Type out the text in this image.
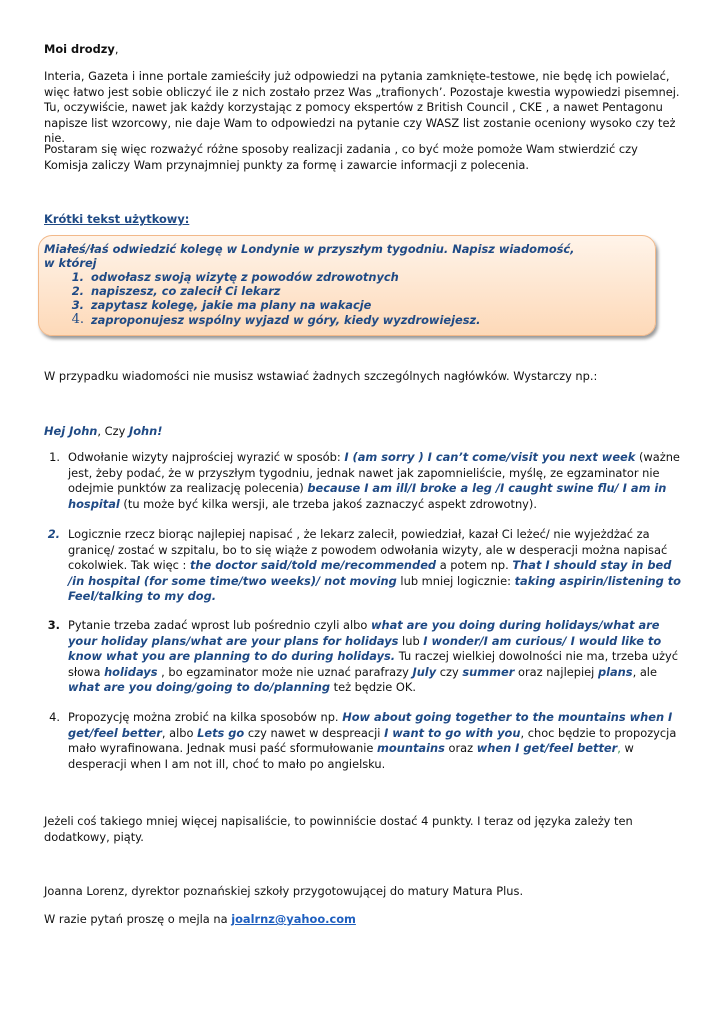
Moi drodzy,
Interia, Gazeta i inne portale zamieściły już odpowiedzi na pytania zamknięte-testowe, nie będę ich powielać, więc łatwo jest sobie obliczyć ile z nich zostało przez Was „trafionych’. Pozostaje kwestia wypowiedzi pisemnej. Tu, oczywiście, nawet jak każdy korzystając z pomocy ekspertów z British Council , CKE , a nawet Pentagonu napisze list wzorcowy, nie daje Wam to odpowiedzi na pytanie czy WASZ list zostanie oceniony wysoko czy też nie.
Postaram się więc rozważyć różne sposoby realizacji zadania , co być może pomoże Wam stwierdzić czy Komisja zaliczy Wam przynajmniej punkty za formę i zawarcie informacji z polecenia.
Krótki tekst użytkowy:
Miałeś/łaś odwiedzić kolegę w Londynie w przyszłym tygodniu. Napisz wiadomość,
w której
1. odwołasz swoją wizytę z powodów zdrowotnych
2. napiszesz, co zalecił Ci lekarz
3. zapytasz kolegę, jakie ma plany na wakacje
4. zaproponujesz wspólny wyjazd w góry, kiedy wyzdrowiejesz.
W przypadku wiadomości nie musisz wstawiać żadnych szczególnych nagłówków. Wystarczy np.:
Hej John, Czy John!
1. Odwołanie wizyty najprościej wyrazić w sposób: I (am sorry ) I can’t come/visit you next week (ważne jest, żeby podać, że w przyszłym tygodniu, jednak nawet jak zapomnieliście, myślę, ze egzaminator nie odejmie punktów za realizację polecenia) because I am ill/I broke a leg /I caught swine flu/ I am in hospital (tu może być kilka wersji, ale trzeba jakoś zaznaczyć aspekt zdrowotny).
2. Logicznie rzecz biorąc najlepiej napisać , że lekarz zalecił, powiedział, kazał Ci leżeć/ nie wyjeżdżać za granicę/ zostać w szpitalu, bo to się wiąże z powodem odwołania wizyty, ale w desperacji można napisać cokolwiek. Tak więc : the doctor said/told me/recommended a potem np. That I should stay in bed /in hospital (for some time/two weeks)/ not moving lub mniej logicznie: taking aspirin/listening to Feel/talking to my dog.
3. Pytanie trzeba zadać wprost lub pośrednio czyli albo what are you doing during holidays/what are your holiday plans/what are your plans for holidays lub I wonder/I am curious/ I would like to know what you are planning to do during holidays. Tu raczej wielkiej dowolności nie ma, trzeba użyć słowa holidays , bo egzaminator może nie uznać parafrazy July czy summer oraz najlepiej plans, ale what are you doing/going to do/planning też będzie OK.
4. Propozycję można zrobić na kilka sposobów np. How about going together to the mountains when I get/feel better, albo Lets go czy nawet w despreacji I want to go with you, choc będzie to propozycja mało wyrafinowana. Jednak musi paść sformułowanie mountains oraz when I get/feel better, w desperacji when I am not ill, choć to mało po angielsku.
Jeżeli coś takiego mniej więcej napisaliście, to powinniście dostać 4 punkty. I teraz od języka zależy ten dodatkowy, piąty.
Joanna Lorenz, dyrektor poznańskiej szkoły przygotowującej do matury Matura Plus.
W razie pytań proszę o mejla na joalrnz@yahoo.com
